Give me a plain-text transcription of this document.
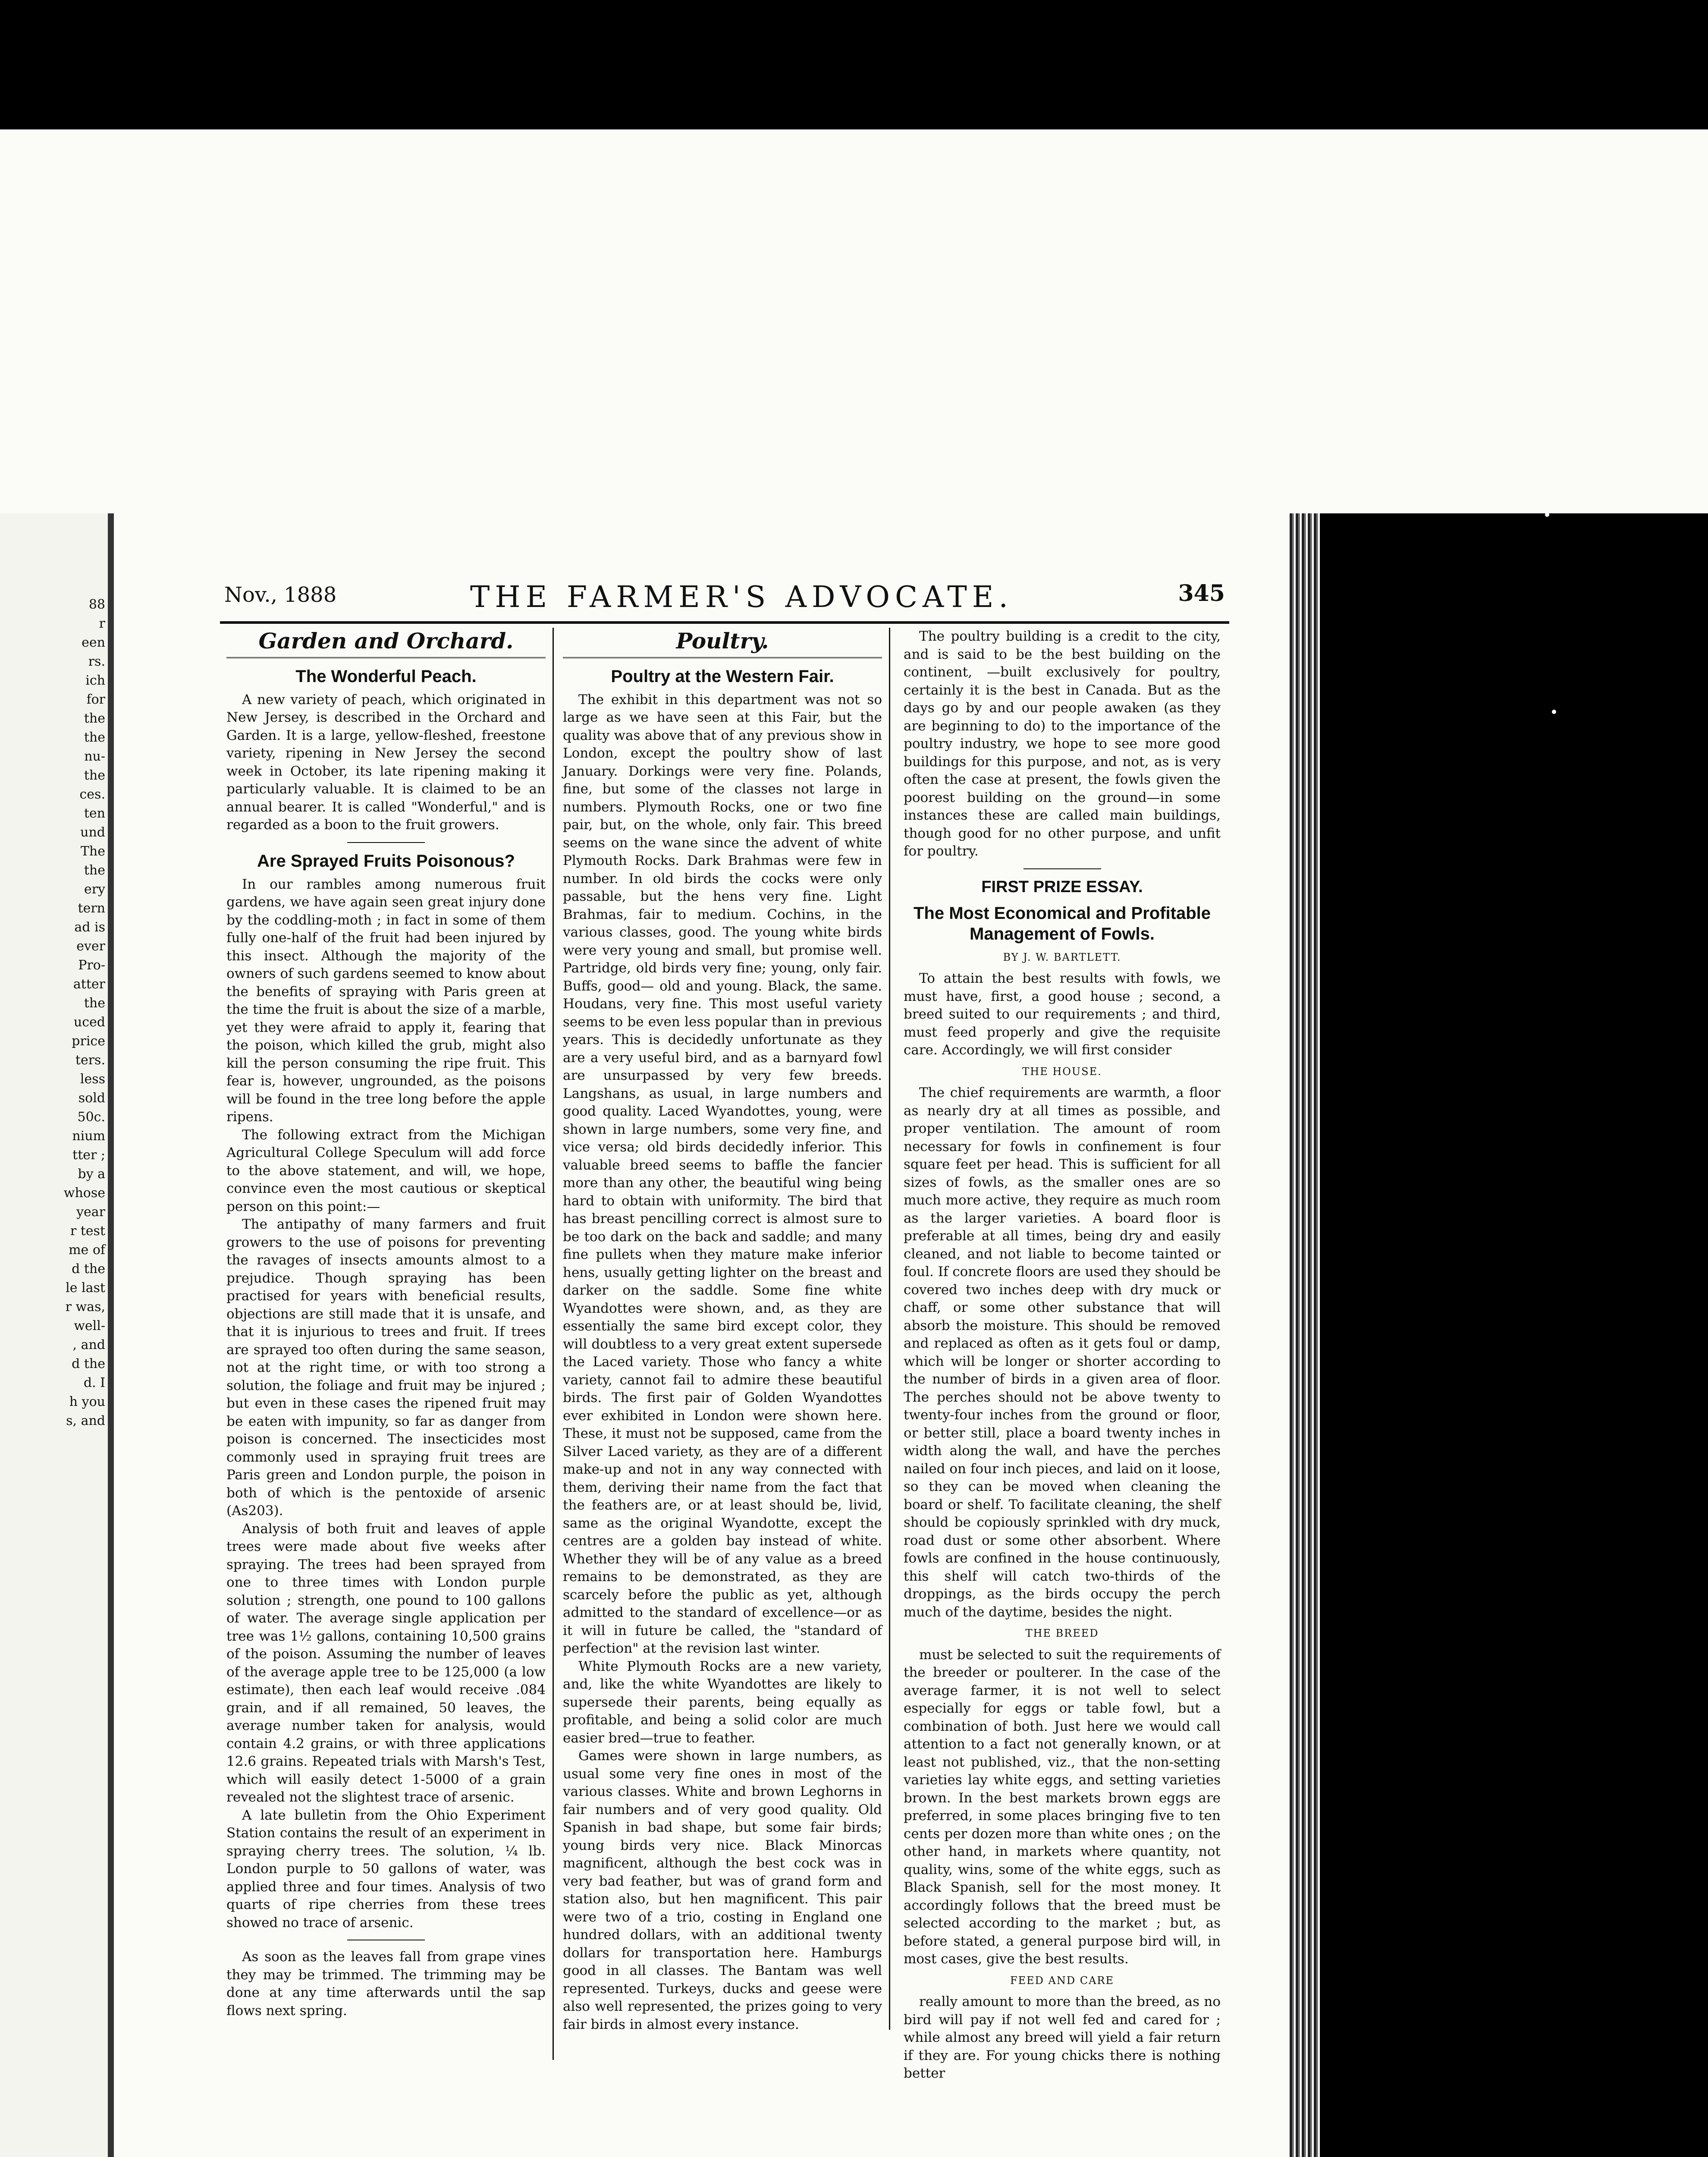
88
r
een
rs.
ich
for
the
the
nu-
the
ces.
ten
und
The
the
ery
tern
ad is
ever
Pro-
atter
the
uced
price
ters.
less
sold
50c.
nium
tter ;
by a
whose
year
r test
me of
d the
le last
r was,
well-
, and
d the
d. I
h you
s, and
Nov., 1888	THE FARMER'S ADVOCATE.	345
Garden and Orchard.
The Wonderful Peach.

A new variety of peach, which originated in New Jersey, is described in the Orchard and Garden. It is a large, yellow-fleshed, freestone variety, ripening in New Jersey the second week in October, its late ripening making it particularly valuable. It is claimed to be an annual bearer. It is called "Wonderful," and is regarded as a boon to the fruit growers.

Are Sprayed Fruits Poisonous?

In our rambles among numerous fruit gardens, we have again seen great injury done by the coddling-moth ; in fact in some of them fully one-half of the fruit had been injured by this insect. Although the majority of the owners of such gardens seemed to know about the benefits of spraying with Paris green at the time the fruit is about the size of a marble, yet they were afraid to apply it, fearing that the poison, which killed the grub, might also kill the person consuming the ripe fruit. This fear is, however, ungrounded, as the poisons will be found in the tree long before the apple ripens.

The following extract from the Michigan Agricultural College Speculum will add force to the above statement, and will, we hope, convince even the most cautious or skeptical person on this point:—

The antipathy of many farmers and fruit growers to the use of poisons for preventing the ravages of insects amounts almost to a prejudice. Though spraying has been practised for years with beneficial results, objections are still made that it is unsafe, and that it is injurious to trees and fruit. If trees are sprayed too often during the same season, not at the right time, or with too strong a solution, the foliage and fruit may be injured ; but even in these cases the ripened fruit may be eaten with impunity, so far as danger from poison is concerned. The insecticides most commonly used in spraying fruit trees are Paris green and London purple, the poison in both of which is the pentoxide of arsenic (As203).

Analysis of both fruit and leaves of apple trees were made about five weeks after spraying. The trees had been sprayed from one to three times with London purple solution ; strength, one pound to 100 gallons of water. The average single application per tree was 1½ gallons, containing 10,500 grains of the poison. Assuming the number of leaves of the average apple tree to be 125,000 (a low estimate), then each leaf would receive .084 grain, and if all remained, 50 leaves, the average number taken for analysis, would contain 4.2 grains, or with three applications 12.6 grains. Repeated trials with Marsh's Test, which will easily detect 1-5000 of a grain revealed not the slightest trace of arsenic.

A late bulletin from the Ohio Experiment Station contains the result of an experiment in spraying cherry trees. The solution, ¼ lb. London purple to 50 gallons of water, was applied three and four times. Analysis of two quarts of ripe cherries from these trees showed no trace of arsenic.

As soon as the leaves fall from grape vines they may be trimmed. The trimming may be done at any time afterwards until the sap flows next spring.

Poultry.
Poultry at the Western Fair.

The exhibit in this department was not so large as we have seen at this Fair, but the quality was above that of any previous show in London, except the poultry show of last January. Dorkings were very fine. Polands, fine, but some of the classes not large in numbers. Plymouth Rocks, one or two fine pair, but, on the whole, only fair. This breed seems on the wane since the advent of white Plymouth Rocks. Dark Brahmas were few in number. In old birds the cocks were only passable, but the hens very fine. Light Brahmas, fair to medium. Cochins, in the various classes, good. The young white birds were very young and small, but promise well. Partridge, old birds very fine; young, only fair. Buffs, good— old and young. Black, the same. Houdans, very fine. This most useful variety seems to be even less popular than in previous years. This is decidedly unfortunate as they are a very useful bird, and as a barnyard fowl are unsurpassed by very few breeds. Langshans, as usual, in large numbers and good quality. Laced Wyandottes, young, were shown in large numbers, some very fine, and vice versa; old birds decidedly inferior. This valuable breed seems to baffle the fancier more than any other, the beautiful wing being hard to obtain with uniformity. The bird that has breast pencilling correct is almost sure to be too dark on the back and saddle; and many fine pullets when they mature make inferior hens, usually getting lighter on the breast and darker on the saddle. Some fine white Wyandottes were shown, and, as they are essentially the same bird except color, they will doubtless to a very great extent supersede the Laced variety. Those who fancy a white variety, cannot fail to admire these beautiful birds. The first pair of Golden Wyandottes ever exhibited in London were shown here. These, it must not be supposed, came from the Silver Laced variety, as they are of a different make-up and not in any way connected with them, deriving their name from the fact that the feathers are, or at least should be, livid, same as the original Wyandotte, except the centres are a golden bay instead of white. Whether they will be of any value as a breed remains to be demonstrated, as they are scarcely before the public as yet, although admitted to the standard of excellence—or as it will in future be called, the "standard of perfection" at the revision last winter.

White Plymouth Rocks are a new variety, and, like the white Wyandottes are likely to supersede their parents, being equally as profitable, and being a solid color are much easier bred—true to feather.

Games were shown in large numbers, as usual some very fine ones in most of the various classes. White and brown Leghorns in fair numbers and of very good quality. Old Spanish in bad shape, but some fair birds; young birds very nice. Black Minorcas magnificent, although the best cock was in very bad feather, but was of grand form and station also, but hen magnificent. This pair were two of a trio, costing in England one hundred dollars, with an additional twenty dollars for transportation here. Hamburgs good in all classes. The Bantam was well represented. Turkeys, ducks and geese were also well represented, the prizes going to very fair birds in almost every instance.

The poultry building is a credit to the city, and is said to be the best building on the continent, —built exclusively for poultry, certainly it is the best in Canada. But as the days go by and our people awaken (as they are beginning to do) to the importance of the poultry industry, we hope to see more good buildings for this purpose, and not, as is very often the case at present, the fowls given the poorest building on the ground—in some instances these are called main buildings, though good for no other purpose, and unfit for poultry.

FIRST PRIZE ESSAY.
The Most Economical and Profitable Management of Fowls.
BY J. W. BARTLETT.

To attain the best results with fowls, we must have, first, a good house ; second, a breed suited to our requirements ; and third, must feed properly and give the requisite care. Accordingly, we will first consider

THE HOUSE.

The chief requirements are warmth, a floor as nearly dry at all times as possible, and proper ventilation. The amount of room necessary for fowls in confinement is four square feet per head. This is sufficient for all sizes of fowls, as the smaller ones are so much more active, they require as much room as the larger varieties. A board floor is preferable at all times, being dry and easily cleaned, and not liable to become tainted or foul. If concrete floors are used they should be covered two inches deep with dry muck or chaff, or some other substance that will absorb the moisture. This should be removed and replaced as often as it gets foul or damp, which will be longer or shorter according to the number of birds in a given area of floor. The perches should not be above twenty to twenty-four inches from the ground or floor, or better still, place a board twenty inches in width along the wall, and have the perches nailed on four inch pieces, and laid on it loose, so they can be moved when cleaning the board or shelf. To facilitate cleaning, the shelf should be copiously sprinkled with dry muck, road dust or some other absorbent. Where fowls are confined in the house continuously, this shelf will catch two-thirds of the droppings, as the birds occupy the perch much of the daytime, besides the night.

THE BREED

must be selected to suit the requirements of the breeder or poulterer. In the case of the average farmer, it is not well to select especially for eggs or table fowl, but a combination of both. Just here we would call attention to a fact not generally known, or at least not published, viz., that the non-setting varieties lay white eggs, and setting varieties brown. In the best markets brown eggs are preferred, in some places bringing five to ten cents per dozen more than white ones ; on the other hand, in markets where quantity, not quality, wins, some of the white eggs, such as Black Spanish, sell for the most money. It accordingly follows that the breed must be selected according to the market ; but, as before stated, a general purpose bird will, in most cases, give the best results.

FEED AND CARE

really amount to more than the breed, as no bird will pay if not well fed and cared for ; while almost any breed will yield a fair return if they are. For young chicks there is nothing better
